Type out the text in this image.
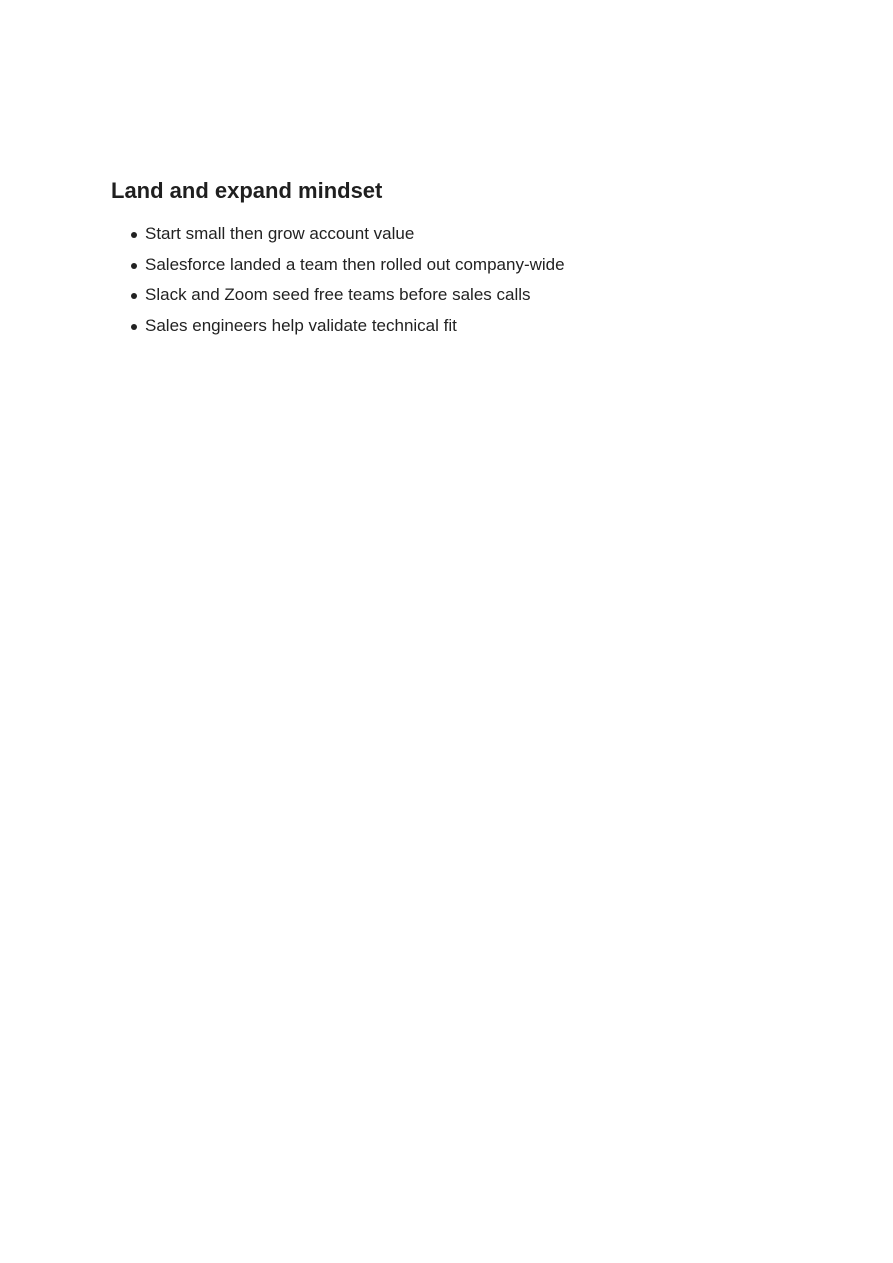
Land and expand mindset
Start small then grow account value
Salesforce landed a team then rolled out company-wide
Slack and Zoom seed free teams before sales calls
Sales engineers help validate technical fit
